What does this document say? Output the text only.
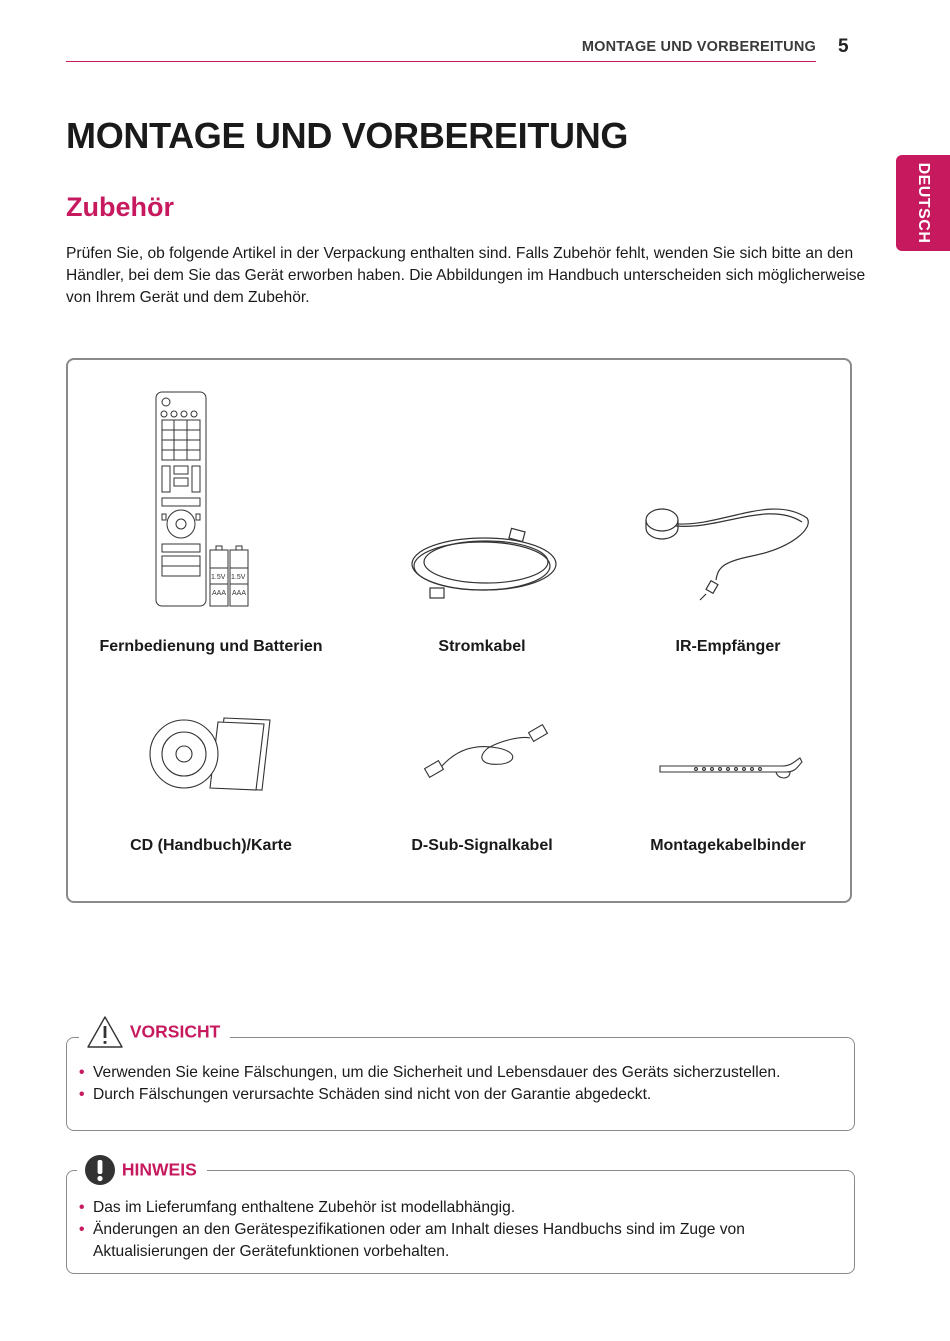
MONTAGE UND VORBEREITUNG 5
DEUTSCH
MONTAGE UND VORBEREITUNG
Zubehör
Prüfen Sie, ob folgende Artikel in der Verpackung enthalten sind. Falls Zubehör fehlt, wenden Sie sich bitte an den Händler, bei dem Sie das Gerät erworben haben. Die Abbildungen im Handbuch unterscheiden sich möglicherweise von Ihrem Gerät und dem Zubehör.
1.5V 1.5V
AAA AAA
Fernbedienung und Batterien	Stromkabel	IR-Empfänger
CD (Handbuch)/Karte	D-Sub-Signalkabel	Montagekabelbinder
VORSICHT
• Verwenden Sie keine Fälschungen, um die Sicherheit und Lebensdauer des Geräts sicherzustellen.
• Durch Fälschungen verursachte Schäden sind nicht von der Garantie abgedeckt.
HINWEIS
• Das im Lieferumfang enthaltene Zubehör ist modellabhängig.
• Änderungen an den Gerätespezifikationen oder am Inhalt dieses Handbuchs sind im Zuge von Aktualisierungen der Gerätefunktionen vorbehalten.
